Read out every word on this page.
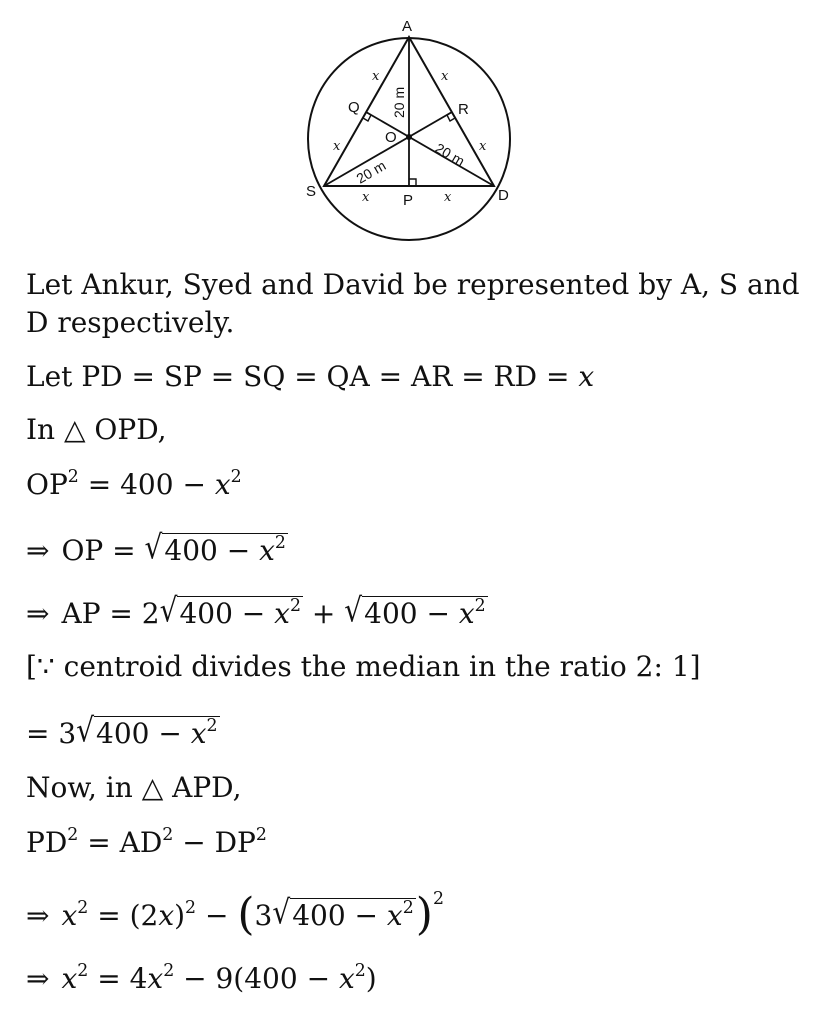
A
S	D
P
Q	R
O
x	x
x	x
x	x
20 m
20 m
20 m
Let Ankur, Syed and David be represented by A, S and
D respectively.
Let PD = SP = SQ = QA = AR = RD = x
In △ OPD,
$OP^2 = 400 - x^2$
⇒ OP = $√400 - x^2$
⇒ AP = $2√400 - x^2 + √400 - x^2$
[∵ centroid divides the median in the ratio 2: 1]
= $3√400 - x^2$
Now, in △ APD,
$PD^2 = AD^2 - DP^2$
⇒ $x^2 = (2x)^2 - (3√400 - x^2)^2$
⇒ $x^2 = 4x^2 - 9(400 - x^2)$
